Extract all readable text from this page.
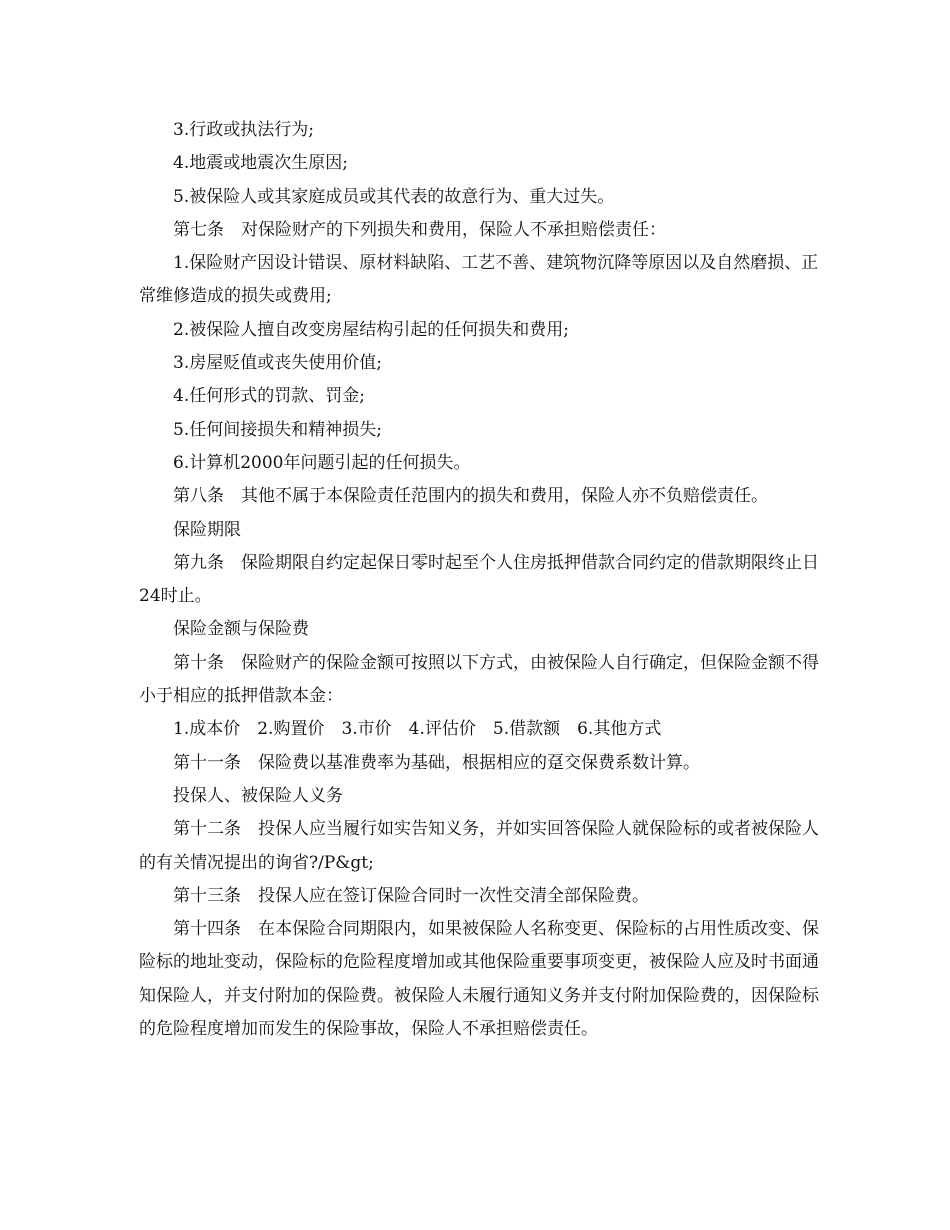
3.行政或执法行为;

4.地震或地震次生原因;

5.被保险人或其家庭成员或其代表的故意行为、重大过失。

第七条　对保险财产的下列损失和费用，保险人不承担赔偿责任：

1.保险财产因设计错误、原材料缺陷、工艺不善、建筑物沉降等原因以及自然磨损、正常维修造成的损失或费用;

2.被保险人擅自改变房屋结构引起的任何损失和费用;

3.房屋贬值或丧失使用价值;

4.任何形式的罚款、罚金;

5.任何间接损失和精神损失;

6.计算机2000年问题引起的任何损失。

第八条　其他不属于本保险责任范围内的损失和费用，保险人亦不负赔偿责任。

保险期限

第九条　保险期限自约定起保日零时起至个人住房抵押借款合同约定的借款期限终止日24时止。

保险金额与保险费

第十条　保险财产的保险金额可按照以下方式，由被保险人自行确定，但保险金额不得小于相应的抵押借款本金：

1.成本价　2.购置价　3.市价　4.评估价　5.借款额　6.其他方式

第十一条　保险费以基准费率为基础，根据相应的趸交保费系数计算。

投保人、被保险人义务

第十二条　投保人应当履行如实告知义务，并如实回答保险人就保险标的或者被保险人的有关情况提出的询省?/P&gt;

第十三条　投保人应在签订保险合同时一次性交清全部保险费。

第十四条　在本保险合同期限内，如果被保险人名称变更、保险标的占用性质改变、保险标的地址变动，保险标的危险程度增加或其他保险重要事项变更，被保险人应及时书面通知保险人，并支付附加的保险费。被保险人未履行通知义务并支付附加保险费的，因保险标的危险程度增加而发生的保险事故，保险人不承担赔偿责任。
